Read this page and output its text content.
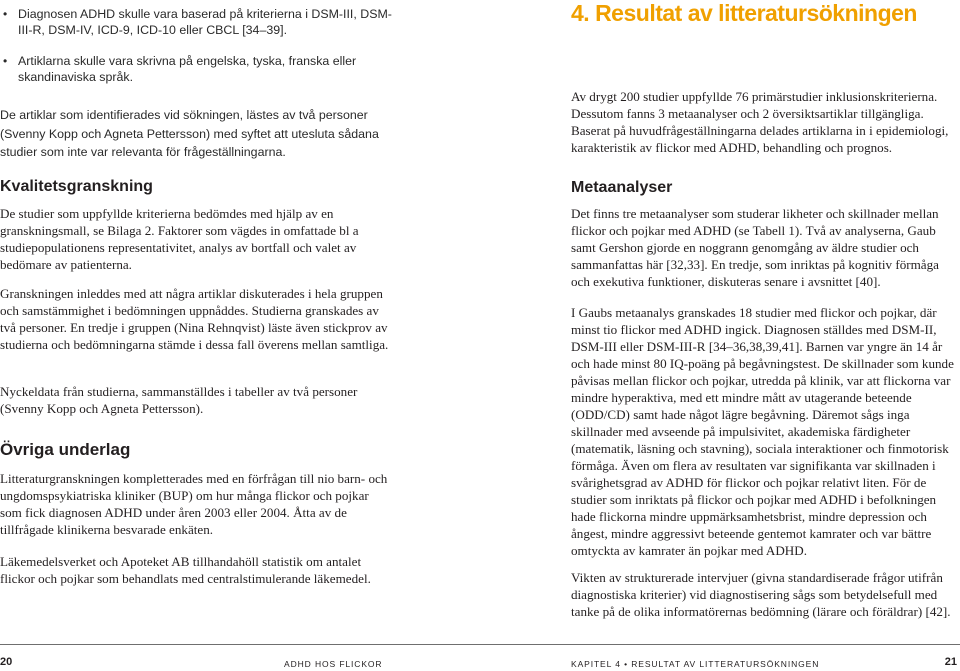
• Diagnosen ADHD skulle vara baserad på kriterierna i DSM-III, DSM-III-R, DSM-IV, ICD-9, ICD-10 eller CBCL [34–39].
• Artiklarna skulle vara skrivna på engelska, tyska, franska eller skandinaviska språk.

De artiklar som identifierades vid sökningen, lästes av två personer (Svenny Kopp och Agneta Pettersson) med syftet att utesluta sådana studier som inte var relevanta för frågeställningarna.

Kvalitetsgranskning

De studier som uppfyllde kriterierna bedömdes med hjälp av en granskningsmall, se Bilaga 2. Faktorer som vägdes in omfattade bl a studiepopulationens representativitet, analys av bortfall och valet av bedömare av patienterna.

Granskningen inleddes med att några artiklar diskuterades i hela gruppen och samstämmighet i bedömningen uppnåddes. Studierna granskades av två personer. En tredje i gruppen (Nina Rehnqvist) läste även stickprov av studierna och bedömningarna stämde i dessa fall överens mellan samtliga.

Nyckeldata från studierna, sammanställdes i tabeller av två personer (Svenny Kopp och Agneta Pettersson).

Övriga underlag

Litteraturgranskningen kompletterades med en förfrågan till nio barn- och ungdomspsykiatriska kliniker (BUP) om hur många flickor och pojkar som fick diagnosen ADHD under åren 2003 eller 2004. Åtta av de tillfrågade klinikerna besvarade enkäten.

Läkemedelsverket och Apoteket AB tillhandahöll statistik om antalet flickor och pojkar som behandlats med centralstimulerande läkemedel.

4. Resultat av litteratursökningen

Av drygt 200 studier uppfyllde 76 primärstudier inklusionskriterierna. Dessutom fanns 3 metaanalyser och 2 översiktsartiklar tillgängliga. Baserat på huvudfrågeställningarna delades artiklarna in i epidemiologi, karakteristik av flickor med ADHD, behandling och prognos.

Metaanalyser

Det finns tre metaanalyser som studerar likheter och skillnader mellan flickor och pojkar med ADHD (se Tabell 1). Två av analyserna, Gaub samt Gershon gjorde en noggrann genomgång av äldre studier och sammanfattas här [32,33]. En tredje, som inriktas på kognitiv förmåga och exekutiva funktioner, diskuteras senare i avsnittet [40].

I Gaubs metaanalys granskades 18 studier med flickor och pojkar, där minst tio flickor med ADHD ingick. Diagnosen ställdes med DSM-II, DSM-III eller DSM-III-R [34–36,38,39,41]. Barnen var yngre än 14 år och hade minst 80 IQ-poäng på begåvningstest. De skillnader som kunde påvisas mellan flickor och pojkar, utredda på klinik, var att flickorna var mindre hyperaktiva, med ett mindre mått av utagerande beteende (ODD/CD) samt hade något lägre begåvning. Däremot sågs inga skillnader med avseende på impulsivitet, akademiska färdigheter (matematik, läsning och stavning), sociala interaktioner och finmotorisk förmåga. Även om flera av resultaten var signifikanta var skillnaden i svårighetsgrad av ADHD för flickor och pojkar relativt liten. För de studier som inriktats på flickor och pojkar med ADHD i befolkningen hade flickorna mindre uppmärksamhetsbrist, mindre depression och ångest, mindre aggressivt beteende gentemot kamrater och var bättre omtyckta av kamrater än pojkar med ADHD.

Vikten av strukturerade intervjuer (givna standardiserade frågor utifrån diagnostiska kriterier) vid diagnostisering sågs som betydelsefull med tanke på de olika informatörernas bedömning (lärare och föräldrar) [42].

20	ADHD HOS FLICKOR	KAPITEL 4 • RESULTAT AV LITTERATURSÖKNINGEN	21
